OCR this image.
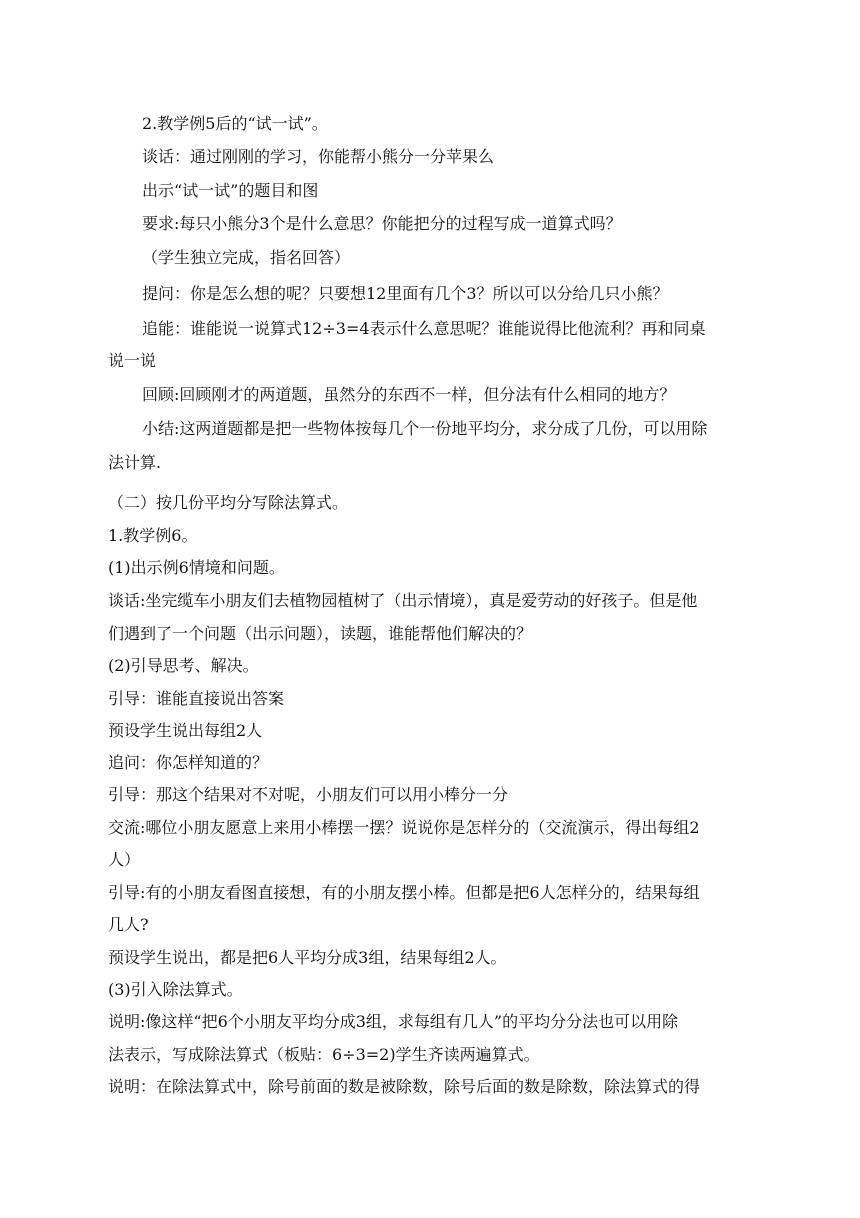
2.教学例5后的“试一试”。
谈话：通过刚刚的学习，你能帮小熊分一分苹果么
出示“试一试”的题目和图
要求:每只小熊分3个是什么意思？你能把分的过程写成一道算式吗？
（学生独立完成，指名回答）
提问：你是怎么想的呢？只要想12里面有几个3？所以可以分给几只小熊？
追能：谁能说一说算式12÷3=4表示什么意思呢？谁能说得比他流利？再和同桌
说一说
回顾:回顾刚才的两道题，虽然分的东西不一样，但分法有什么相同的地方？
小结:这两道题都是把一些物体按每几个一份地平均分，求分成了几份，可以用除
法计算.
（二）按几份平均分写除法算式。
1.教学例6。
(1)出示例6情境和问题。
谈话:坐完缆车小朋友们去植物园植树了（出示情境），真是爱劳动的好孩子。但是他
们遇到了一个问题（出示问题），读题，谁能帮他们解决的？
(2)引导思考、解决。
引导：谁能直接说出答案
预设学生说出每组2人
追问：你怎样知道的？
引导：那这个结果对不对呢，小朋友们可以用小棒分一分
交流:哪位小朋友愿意上来用小棒摆一摆？说说你是怎样分的（交流演示，得出每组2
人）
引导:有的小朋友看图直接想，有的小朋友摆小棒。但都是把6人怎样分的，结果每组
几人?
预设学生说出，都是把6人平均分成3组，结果每组2人。
(3)引入除法算式。
说明:像这样“把6个小朋友平均分成3组，求每组有几人”的平均分分法也可以用除
法表示，写成除法算式（板贴：6÷3=2)学生齐读两遍算式。
说明：在除法算式中，除号前面的数是被除数，除号后面的数是除数，除法算式的得
